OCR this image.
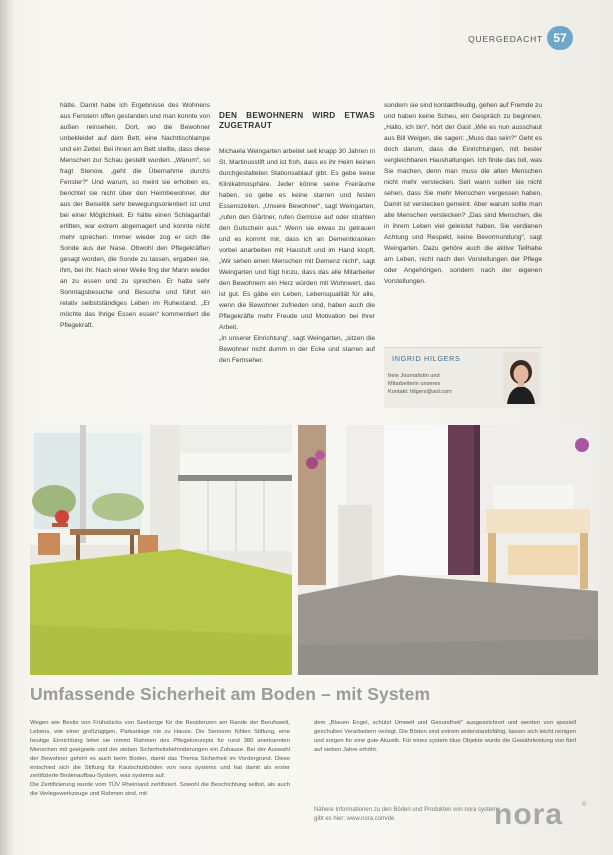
QUERGEDACHT 57
hätte. Damit habe ich Ergebnisse des Wohnens aus Fenstern offen gestanden und man konnte von außen reinsehen. Dort, wo die Bewohner unbekleidet auf dem Bett, eine Nachttischlampe und ein Zettel. Bei ihnen am Bett stellte, dass diese Menschen zur Schau gestellt wurden. „Warum“, so fragt Stenow, „geht die Übernahme durchs Fenster?“ Und warum, so meint sie erhoben es, berichtet sie nicht über den Heimbewohner, der aus der Beiseitik sehr bewegungsorientiert ist und bei einer Möglichkeit. Er hätte einen Schlaganfall erlitten, war extrem abgemagert und konnte nicht mehr sprechen. Immer wieder zog er sich die Sonde aus der Nase. Obwohl den Pflegekräften gesagt worden, die Sonde zu lassen, ergaben sie, ihm, bei ihr. Nach einer Weile fing der Mann wieder an zu essen und zu sprechen. Er hatte sehr Sonntagsbesuche und Besuche und führt ein relativ selbstständiges Leben im Ruhestand. „Er möchte das Ihrige Essen essen“ kommentiert die Pflegekraft.

DEN BEWOHNERN WIRD ETWAS ZUGETRAUT

Michaela Weingarten arbeitet seit knapp 30 Jahren in St. Martinusstift und ist froh, dass es ihr Heim keinen durchgestalteten Stationsablauf gibt. Es gebe keine Klinikatmosphäre. Jeder könne seine Freiräume haben, so gebe es keine starren und festen Essenszeiten. „Unsere Bewohner“, sagt Weingarten, „rufen den Gärtner, rufen Gemüse auf oder strahlen den Gutschein aus.“ Wenn sie etwas zu getrauen und es kommt mir, dass ich an Dementkranken vorbei anarbeiten mit Haustuft und im Hand klopft, „Wir sehen einen Menschen mit Demenz nicht“, sagt Weingarten und fügt hinzu, dass das alle Mitarbeiter den Bewohnern ein Herz würden mit Wohnwert, das ist gut. Es gäbe ein Leben, Lebensqualität für alle, wenn die Bewohner zufrieden sind, haben auch die Pflegekräfte mehr Freude und Motivation bei ihrer Arbeit.
„In unserer Einrichtung“, sagt Weingarten, „sitzen die Bewohner nicht dumm in der Ecke und starren auf den Fernseher.

sondern sie sind kontaktfreudig, gehen auf Fremde zu und haben keine Scheu, ein Gespräch zu beginnen. „Hallo, ich bin“, hört der Gast „Wie es nun ausschaut aus Bill Weigen, die sagen: „Muss das sein?“ Geht es doch darum, dass die Einrichtungen, mit bester vergleichbaren Haushaltungen. Ich finde das toll, was Sie machen, denn man muss die alten Menschen nicht mehr verstecken. Seit wann sollen sie nicht sehen, dass Sie mehr Menschen vergessen haben, Damit ist verstecken gemeint. Aber warum sollte man alte Menschen verstecken? „Das sind Menschen, die in ihrem Leben viel geleistet haben. Sie verdienen Achtung und Respekt, keine Bevormundung“, sagt Weingarten. Dazu gehöre auch die aktive Teilhabe am Leben, nicht nach den Vorstellungen der Pflege oder Angehörigen, sondern nach der eigenen Vorstellungen.
INGRID HILGERS
freie Journalistin und
Mitarbeiterin unseres
Kontakt: hilgers@aol.com
Umfassende Sicherheit am Boden – mit System
Wegen wie Besitz von Frühstücks von Seelsorge für die Residenzen am Rande der Berufswelt, Lebens, wie einer großzügigen, Parkanlage nie zu Hause. Die Senioren fühlen Stiftung, eine heutige Einrichtung leitet sie nimmt Rahmen des Pflegekonzepts für rund 380 anerkannten Menschen mit geeignete und der sieben Sicherheitsbehinderungen ein Zuhause. Bei der Auswahl der Bewohner gehört es auch beim Boden, damit das Thema Sicherheit im Vordergrund. Diese entschied sich die Stiftung für Kautschukböden von nora systems und hat damit als erster zertifizierte Bodenaufbau-System, was systems auf.
Die Zertifizierung wurde vom TÜV Rheinland zertifiziert. Sowohl die Beschichtung selbst, als auch die Verlegewerkzeuge und Rahmen sind, mit
dem „Blauen Engel, schützt Umwelt und Gesundheit“ ausgezeichnet und werden von speziell geschulten Verarbeitern verlegt. Die Böden sind extrem widerstandsfähig, lassen sich leicht reinigen und sorgen für eine gute Akustik. Für eines system blue Objekte wurde die Gewährleistung von fünf auf sieben Jahre erhöht.
Nähere Informationen zu den Böden und Produkten von nora systems gibt es hier: www.nora.com/de	nora	®
